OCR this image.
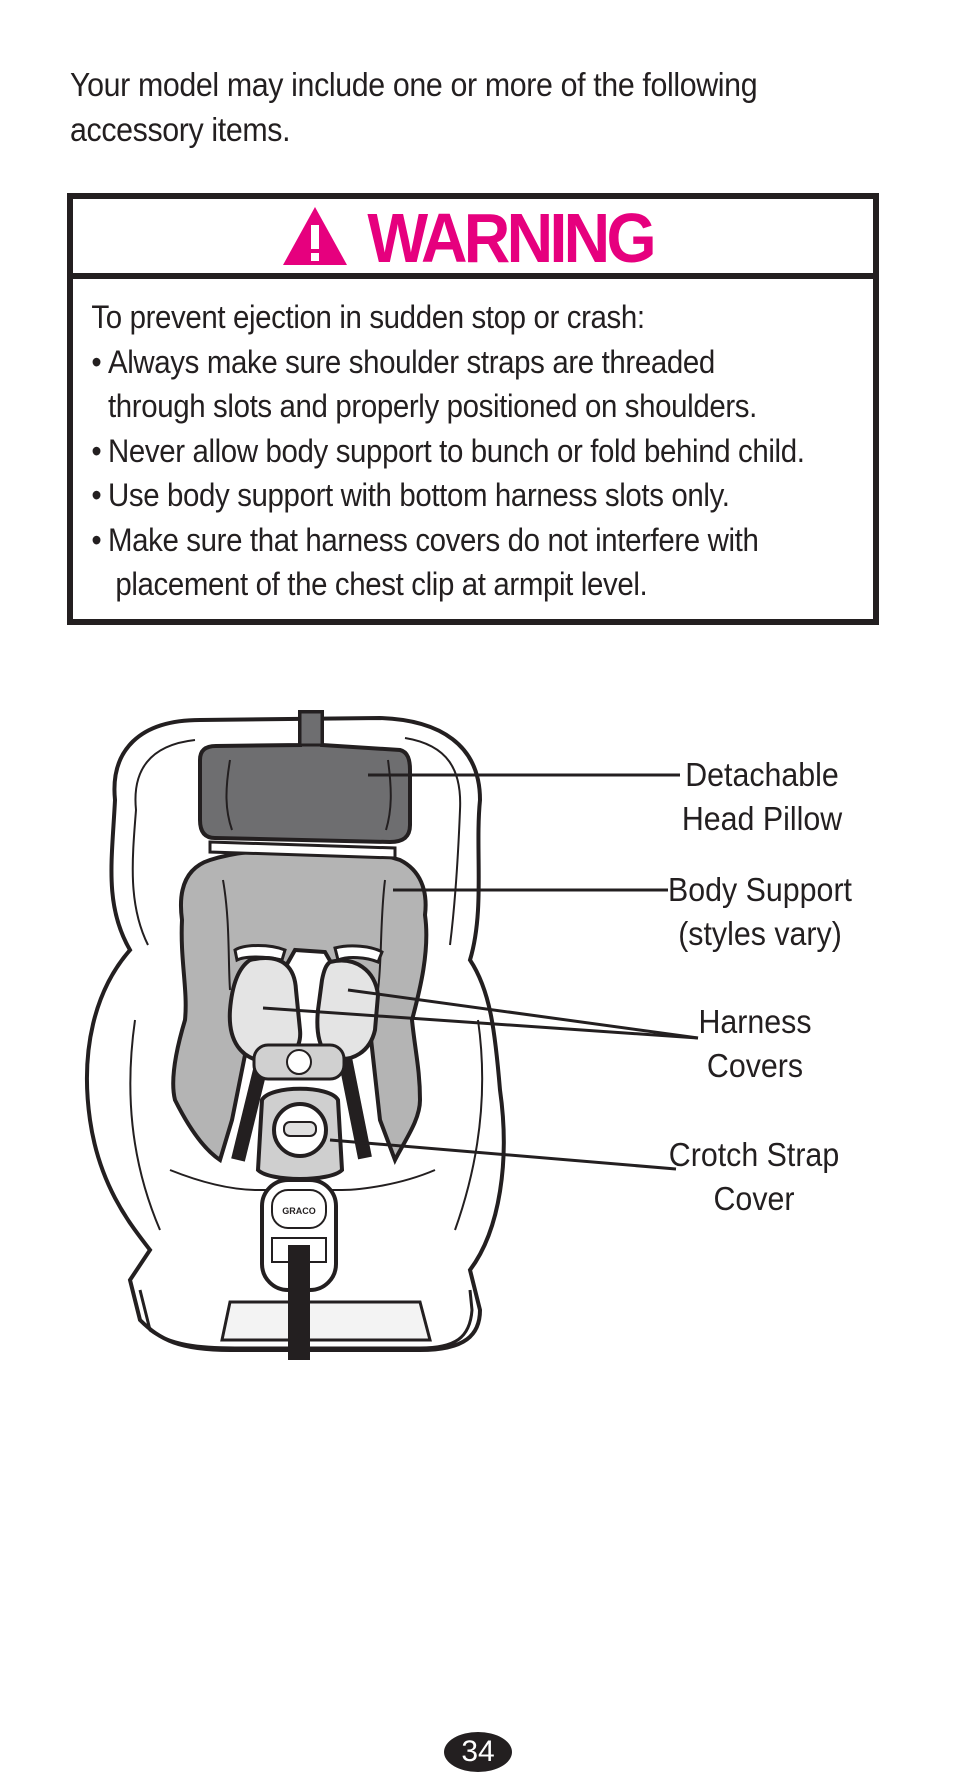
Your model may include one or more of the following
accessory items.
WARNING
To prevent ejection in sudden stop or crash:
• Always make sure shoulder straps are threaded
through slots and properly positioned on shoulders.
• Never allow body support to bunch or fold behind child.
• Use body support with bottom harness slots only.
• Make sure that harness covers do not interfere with
placement of the chest clip at armpit level.
GRACO
Detachable
Head Pillow
Body Support
(styles vary)
Harness
Covers
Crotch Strap
Cover
34
